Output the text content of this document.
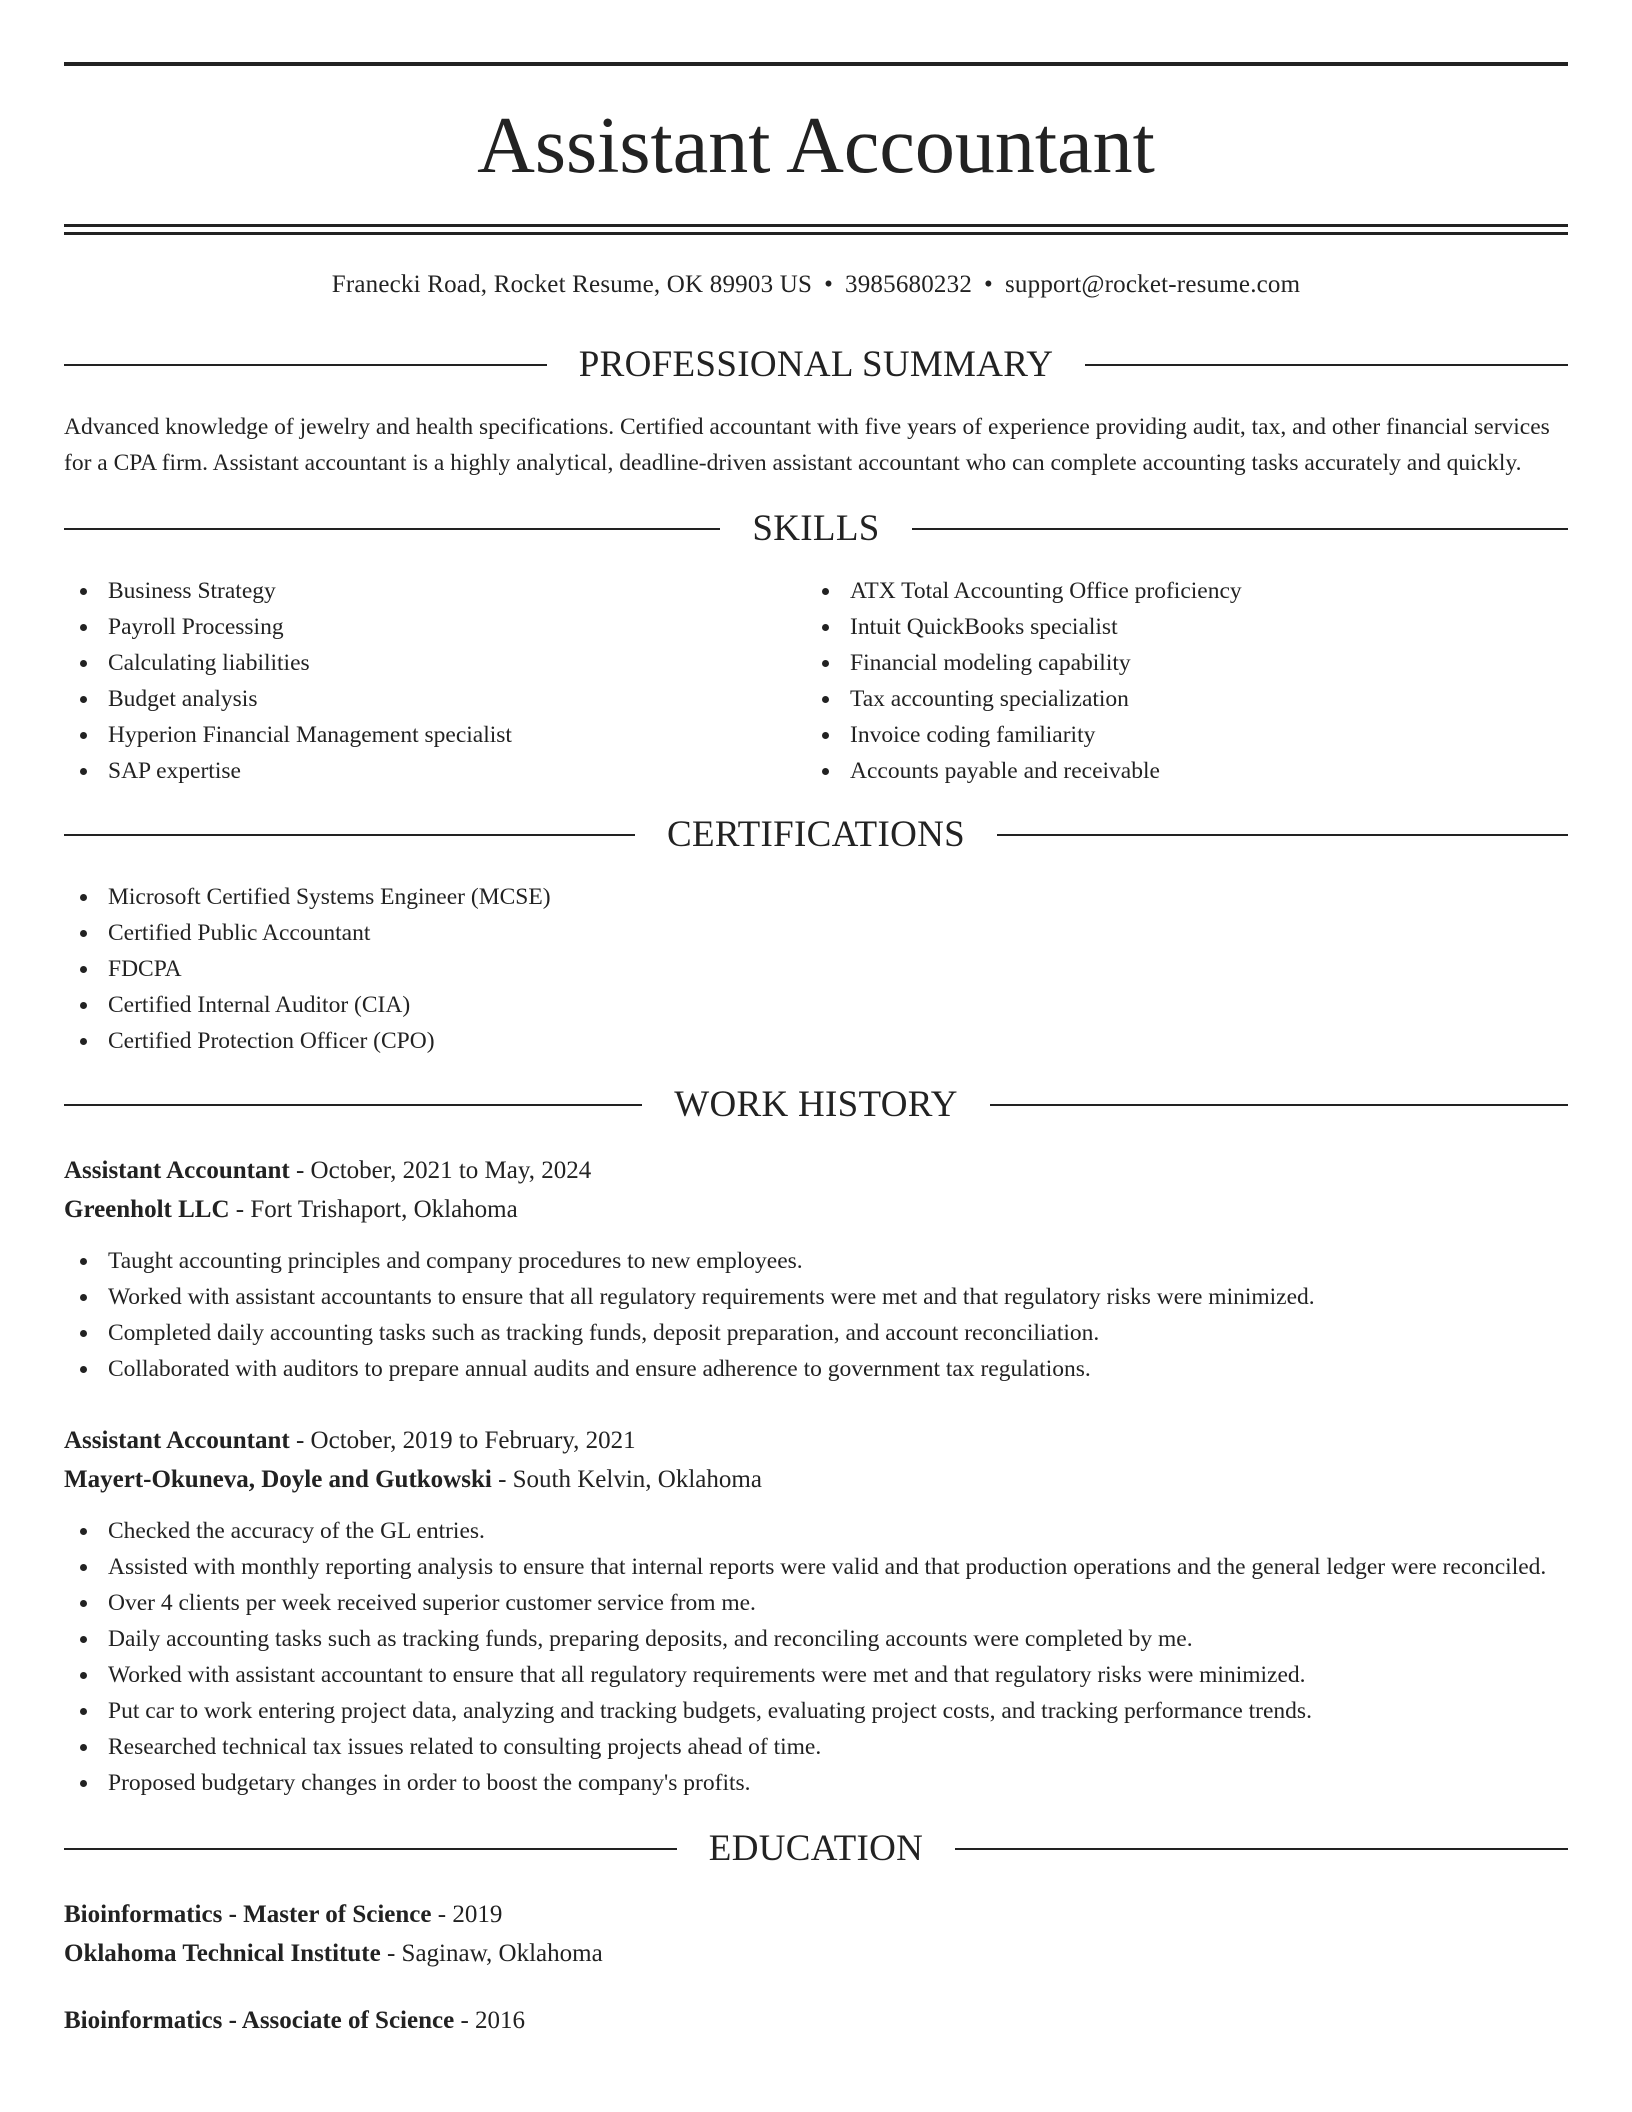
Assistant Accountant
Franecki Road, Rocket Resume, OK 89903 US • 3985680232 • support@rocket-resume.com
PROFESSIONAL SUMMARY

Advanced knowledge of jewelry and health specifications. Certified accountant with five years of experience providing audit, tax, and other financial services for a CPA firm. Assistant accountant is a highly analytical, deadline-driven assistant accountant who can complete accounting tasks accurately and quickly.

SKILLS
Business Strategy
Payroll Processing
Calculating liabilities
Budget analysis
Hyperion Financial Management specialist
SAP expertise
ATX Total Accounting Office proficiency
Intuit QuickBooks specialist
Financial modeling capability
Tax accounting specialization
Invoice coding familiarity
Accounts payable and receivable
CERTIFICATIONS
Microsoft Certified Systems Engineer (MCSE)
Certified Public Accountant
FDCPA
Certified Internal Auditor (CIA)
Certified Protection Officer (CPO)
WORK HISTORY
Assistant Accountant - October, 2021 to May, 2024
Greenholt LLC - Fort Trishaport, Oklahoma
Taught accounting principles and company procedures to new employees.
Worked with assistant accountants to ensure that all regulatory requirements were met and that regulatory risks were minimized.
Completed daily accounting tasks such as tracking funds, deposit preparation, and account reconciliation.
Collaborated with auditors to prepare annual audits and ensure adherence to government tax regulations.
Assistant Accountant - October, 2019 to February, 2021
Mayert-Okuneva, Doyle and Gutkowski - South Kelvin, Oklahoma
Checked the accuracy of the GL entries.
Assisted with monthly reporting analysis to ensure that internal reports were valid and that production operations and the general ledger were reconciled.
Over 4 clients per week received superior customer service from me.
Daily accounting tasks such as tracking funds, preparing deposits, and reconciling accounts were completed by me.
Worked with assistant accountant to ensure that all regulatory requirements were met and that regulatory risks were minimized.
Put car to work entering project data, analyzing and tracking budgets, evaluating project costs, and tracking performance trends.
Researched technical tax issues related to consulting projects ahead of time.
Proposed budgetary changes in order to boost the company's profits.
EDUCATION
Bioinformatics - Master of Science - 2019
Oklahoma Technical Institute - Saginaw, Oklahoma
Bioinformatics - Associate of Science - 2016
